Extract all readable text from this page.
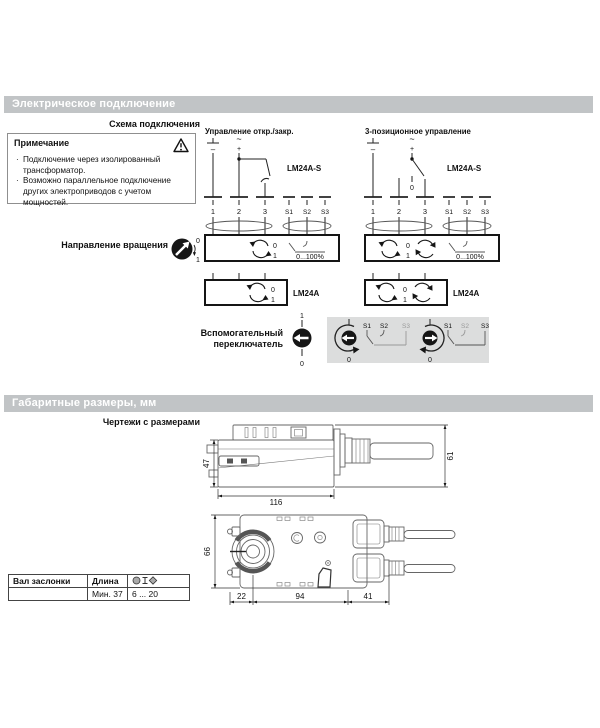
Электрическое подключение
Схема подключения
Примечание
· Подключение через изолированный трансформатор.
· Возможно параллельное подключение других электроприводов с учетом мощностей.
Направление вращения	0
1
Управление откр./закр.
–
~
+
1	2	3	S1 S2 S3
LM24A-S
0
1	0...100%
0
1
LM24A
3-позиционное управление
–
~
+
0
1	2	3	S1 S2 S3
LM24A-S
0
1	0...100%
0
1
LM24A
Вспомогательный
переключатель
1
0
0
S1 S2 S3
0
S1 S2 S3
Габаритные размеры, мм
Чертежи с размерами
47
116
61
66
22	94	41
Вал заслонки	Длина	
	Мин. 37	6 ... 20
